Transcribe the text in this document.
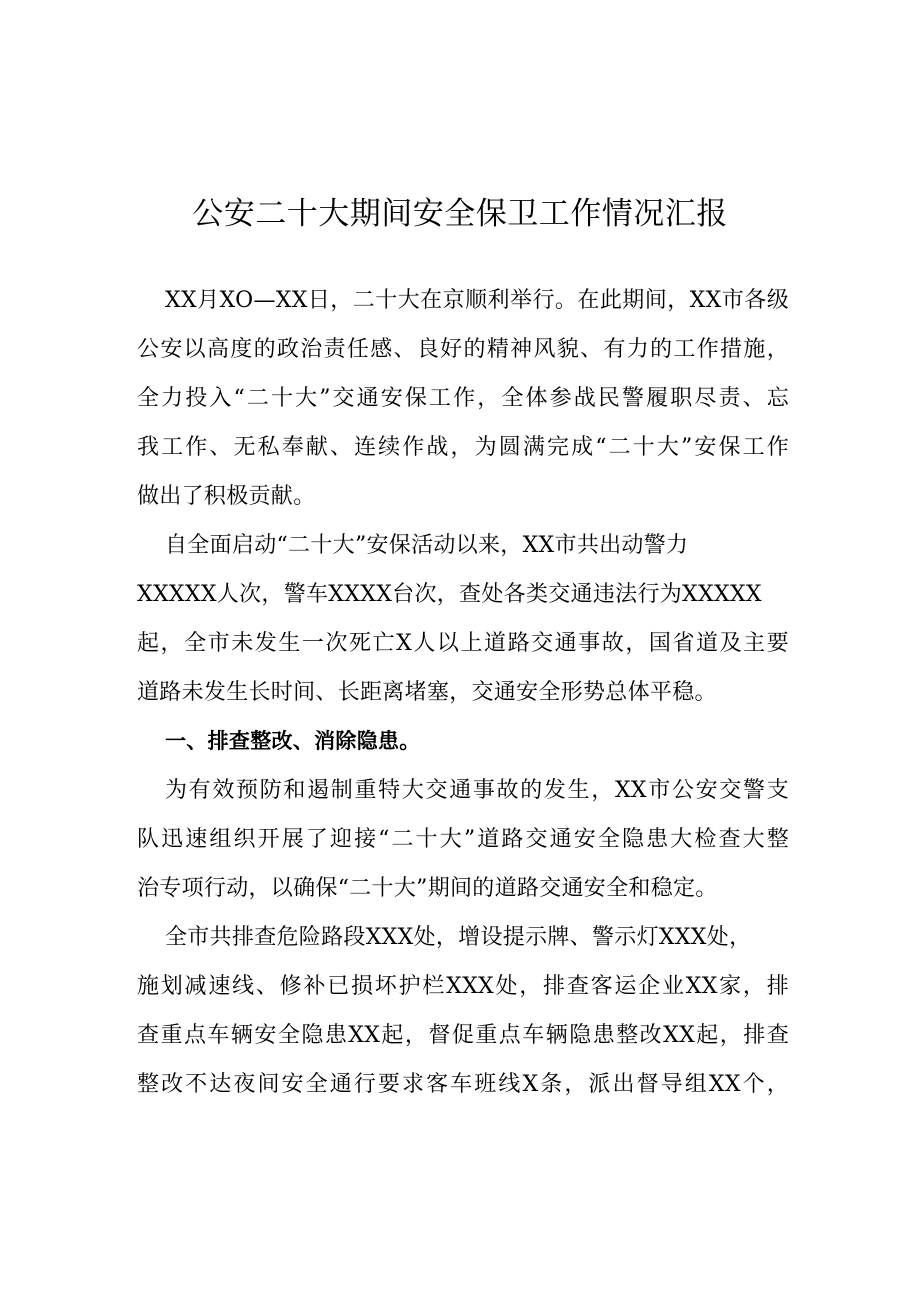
公安二十大期间安全保卫工作情况汇报
XX月XO—XX日，二十大在京顺利举行。在此期间，XX市各级
公安以高度的政治责任感、良好的精神风貌、有力的工作措施，
全力投入“二十大”交通安保工作，全体参战民警履职尽责、忘
我工作、无私奉献、连续作战，为圆满完成“二十大”安保工作
做出了积极贡献。
自全面启动“二十大”安保活动以来，XX市共出动警力
XXXXX人次，警车XXXX台次，查处各类交通违法行为XXXXX
起，全市未发生一次死亡X人以上道路交通事故，国省道及主要
道路未发生长时间、长距离堵塞，交通安全形势总体平稳。
一、排查整改、消除隐患。
为有效预防和遏制重特大交通事故的发生，XX市公安交警支
队迅速组织开展了迎接“二十大”道路交通安全隐患大检查大整
治专项行动，以确保“二十大”期间的道路交通安全和稳定。
全市共排查危险路段XXX处，增设提示牌、警示灯XXX处，
施划减速线、修补已损坏护栏XXX处，排查客运企业XX家，排
查重点车辆安全隐患XX起，督促重点车辆隐患整改XX起，排查
整改不达夜间安全通行要求客车班线X条，派出督导组XX个，
